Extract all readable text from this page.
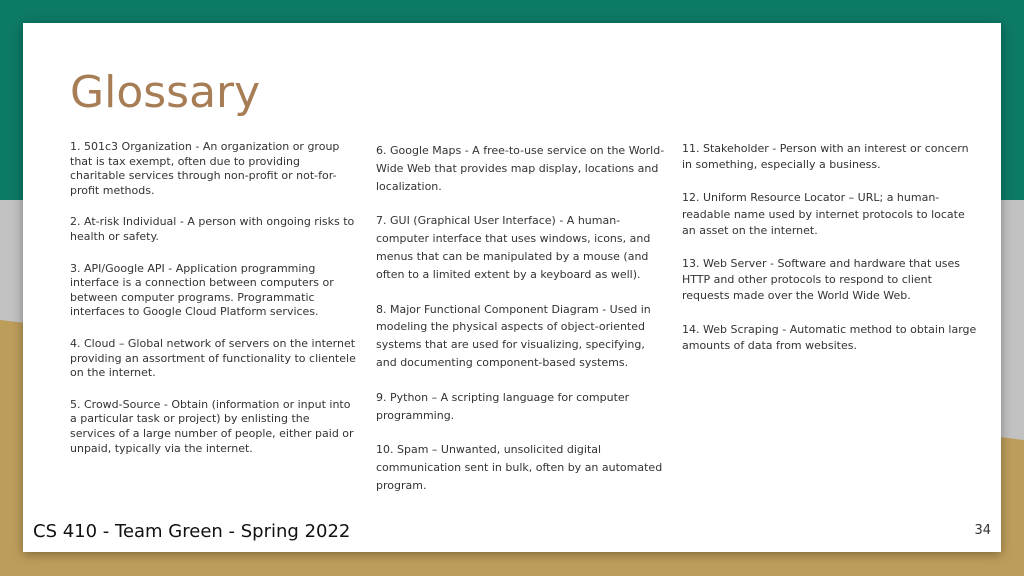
Glossary

1. 501c3 Organization - An organization or group that is tax exempt, often due to providing charitable services through non-profit or not-for-profit methods.

2. At-risk Individual - A person with ongoing risks to health or safety.

3. API/Google API - Application programming interface is a connection between computers or between computer programs. Programmatic interfaces to Google Cloud Platform services.

4. Cloud – Global network of servers on the internet providing an assortment of functionality to clientele on the internet.

5. Crowd-Source - Obtain (information or input into a particular task or project) by enlisting the services of a large number of people, either paid or unpaid, typically via the internet.

6. Google Maps - A free-to-use service on the World-Wide Web that provides map display, locations and localization.

7. GUI (Graphical User Interface) - A human-computer interface that uses windows, icons, and menus that can be manipulated by a mouse (and often to a limited extent by a keyboard as well).

8. Major Functional Component Diagram - Used in modeling the physical aspects of object-oriented systems that are used for visualizing, specifying, and documenting component-based systems.

9. Python – A scripting language for computer programming.

10. Spam – Unwanted, unsolicited digital communication sent in bulk, often by an automated program.

11. Stakeholder - Person with an interest or concern in something, especially a business.

12. Uniform Resource Locator – URL; a human-readable name used by internet protocols to locate an asset on the internet.

13. Web Server - Software and hardware that uses HTTP and other protocols to respond to client requests made over the World Wide Web.

14. Web Scraping - Automatic method to obtain large amounts of data from websites.

CS 410 - Team Green - Spring 2022	34
